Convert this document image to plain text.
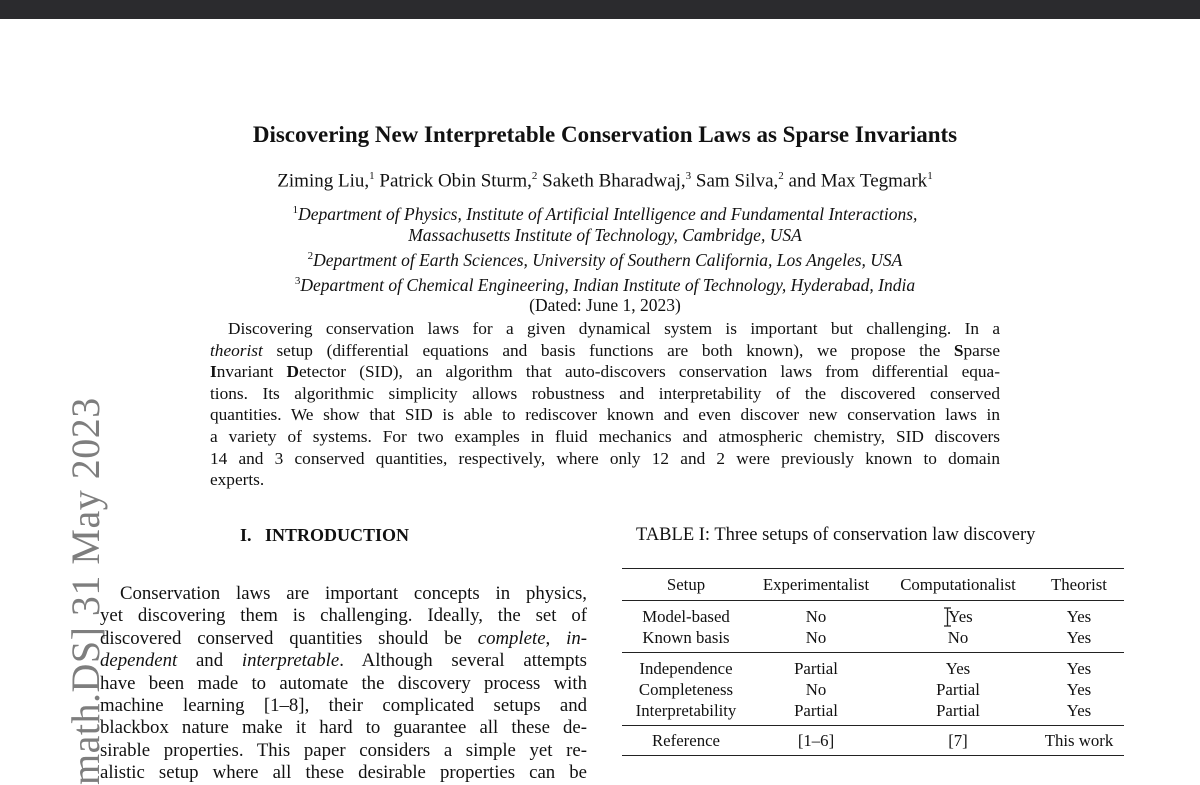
math.DS] 31 May 2023
Discovering New Interpretable Conservation Laws as Sparse Invariants
Ziming Liu,$^1$ Patrick Obin Sturm,$^2$ Saketh Bharadwaj,$^3$ Sam Silva,$^2$ and Max Tegmark$^1$
$^1$Department of Physics, Institute of Artificial Intelligence and Fundamental Interactions,
Massachusetts Institute of Technology, Cambridge, USA
$^2$Department of Earth Sciences, University of Southern California, Los Angeles, USA
$^3$Department of Chemical Engineering, Indian Institute of Technology, Hyderabad, India
(Dated: June 1, 2023)
Discovering conservation laws for a given dynamical system is important but challenging. In a
theorist setup (differential equations and basis functions are both known), we propose the Sparse
Invariant Detector (SID), an algorithm that auto-discovers conservation laws from differential equa-
tions. Its algorithmic simplicity allows robustness and interpretability of the discovered conserved
quantities. We show that SID is able to rediscover known and even discover new conservation laws in
a variety of systems. For two examples in fluid mechanics and atmospheric chemistry, SID discovers
14 and 3 conserved quantities, respectively, where only 12 and 2 were previously known to domain
experts.
I. INTRODUCTION
Conservation laws are important concepts in physics,
yet discovering them is challenging. Ideally, the set of
discovered conserved quantities should be complete, in-
dependent and interpretable. Although several attempts
have been made to automate the discovery process with
machine learning [1–8], their complicated setups and
blackbox nature make it hard to guarantee all these de-
sirable properties. This paper considers a simple yet re-
alistic setup where all these desirable properties can be
TABLE I: Three setups of conservation law discovery
Setup	Experimentalist	Computationalist	Theorist
Model-based	No	Yes	Yes
Known basis	No	No	Yes
Independence	Partial	Yes	Yes
Completeness	No	Partial	Yes
Interpretability	Partial	Partial	Yes
Reference	[1–6]	[7]	This work
